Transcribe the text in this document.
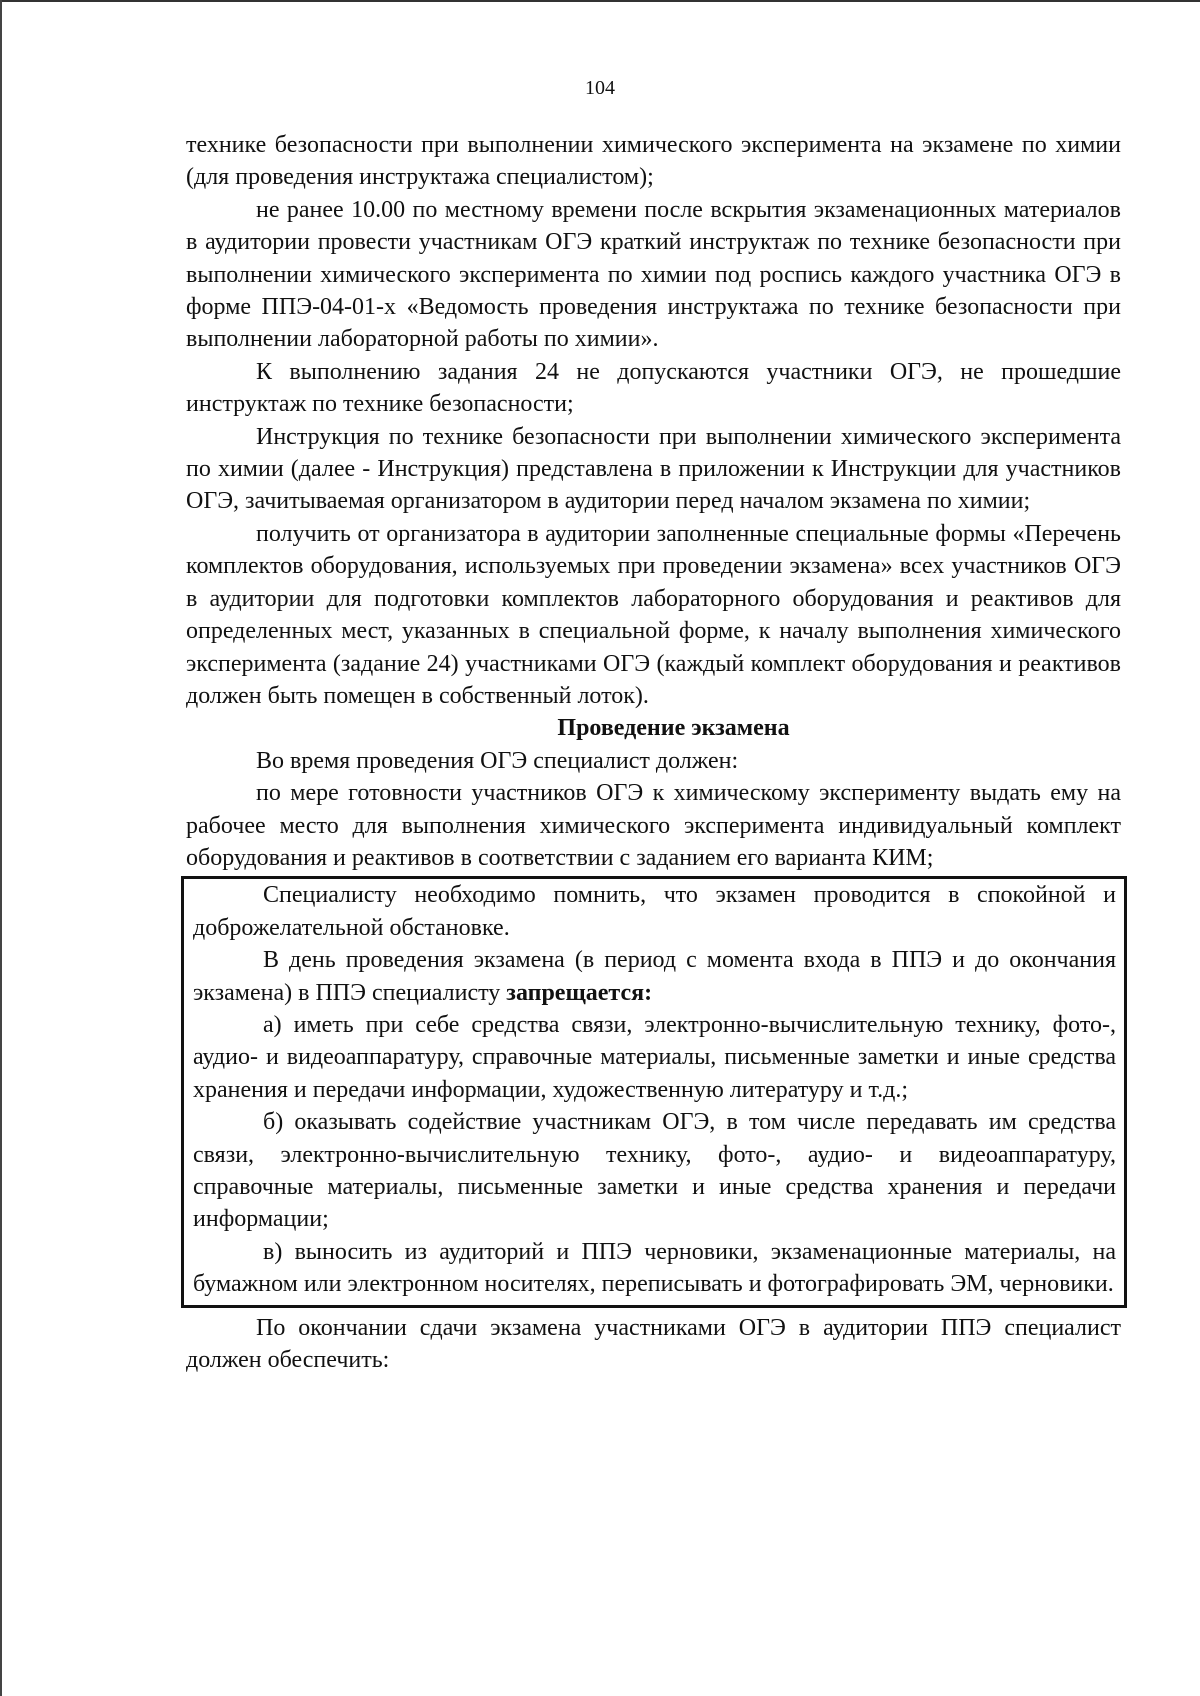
104

технике безопасности при выполнении химического эксперимента на экзамене по химии (для проведения инструктажа специалистом);

не ранее 10.00 по местному времени после вскрытия экзаменационных материалов в аудитории провести участникам ОГЭ краткий инструктаж по технике безопасности при выполнении химического эксперимента по химии под роспись каждого участника ОГЭ в форме ППЭ-04-01-х «Ведомость проведения инструктажа по технике безопасности при выполнении лабораторной работы по химии».

К выполнению задания 24 не допускаются участники ОГЭ, не прошедшие инструктаж по технике безопасности;

Инструкция по технике безопасности при выполнении химического эксперимента по химии (далее - Инструкция) представлена в приложении к Инструкции для участников ОГЭ, зачитываемая организатором в аудитории перед началом экзамена по химии;

получить от организатора в аудитории заполненные специальные формы «Перечень комплектов оборудования, используемых при проведении экзамена» всех участников ОГЭ в аудитории для подготовки комплектов лабораторного оборудования и реактивов для определенных мест, указанных в специальной форме, к началу выполнения химического эксперимента (задание 24) участниками ОГЭ (каждый комплект оборудования и реактивов должен быть помещен в собственный лоток).

Проведение экзамена

Во время проведения ОГЭ специалист должен:

по мере готовности участников ОГЭ к химическому эксперименту выдать ему на рабочее место для выполнения химического эксперимента индивидуальный комплект оборудования и реактивов в соответствии с заданием его варианта КИМ;

Специалисту необходимо помнить, что экзамен проводится в спокойной и доброжелательной обстановке.

В день проведения экзамена (в период с момента входа в ППЭ и до окончания экзамена) в ППЭ специалисту запрещается:

а) иметь при себе средства связи, электронно-вычислительную технику, фото-, аудио- и видеоаппаратуру, справочные материалы, письменные заметки и иные средства хранения и передачи информации, художественную литературу и т.д.;

б) оказывать содействие участникам ОГЭ, в том числе передавать им средства связи, электронно-вычислительную технику, фото-, аудио- и видеоаппаратуру, справочные материалы, письменные заметки и иные средства хранения и передачи информации;

в) выносить из аудиторий и ППЭ черновики, экзаменационные материалы, на бумажном или электронном носителях, переписывать и фотографировать ЭМ, черновики.

По окончании сдачи экзамена участниками ОГЭ в аудитории ППЭ специалист должен обеспечить:
